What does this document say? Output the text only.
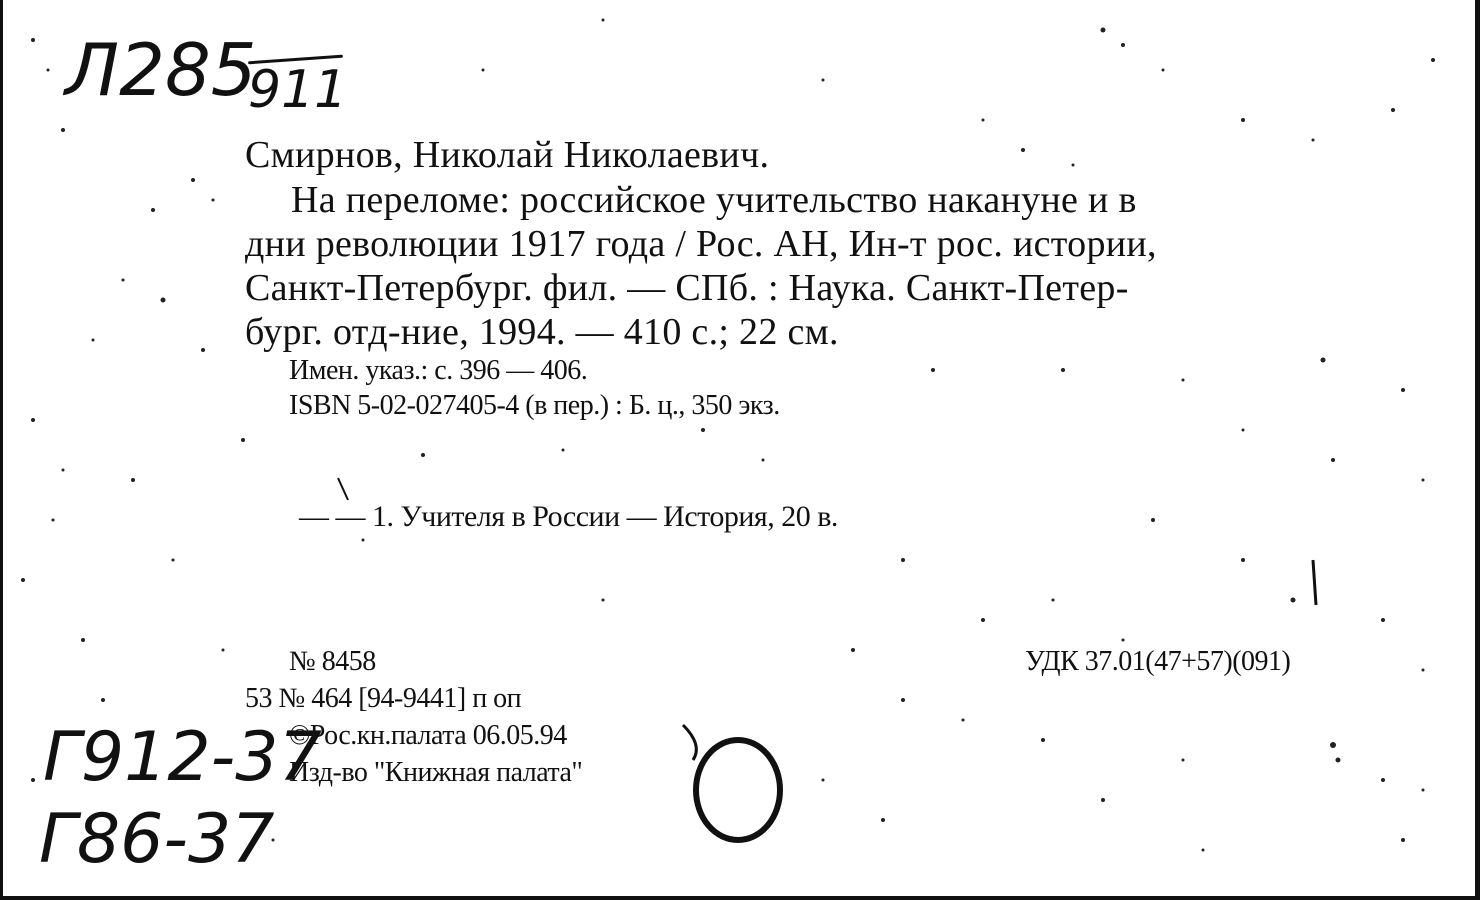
Л285
911
Смирнов, Николай Николаевич.
На переломе: российское учительство накануне и в
дни революции 1917 года / Рос. АН, Ин-т рос. истории,
Санкт-Петербург. фил. — СПб. : Наука. Санкт-Петер-
бург. отд-ние, 1994. — 410 с.; 22 см.
Имен. указ.: с. 396 — 406.
ISBN 5-02-027405-4 (в пер.) : Б. ц., 350 экз.
— — 1. Учителя в России — История, 20 в.
№ 8458	УДК 37.01(47+57)(091)
53 № 464 [94-9441] п оп
©Рос.кн.палата 06.05.94
Изд-во "Книжная палата"
Г912-37
Г86-37
